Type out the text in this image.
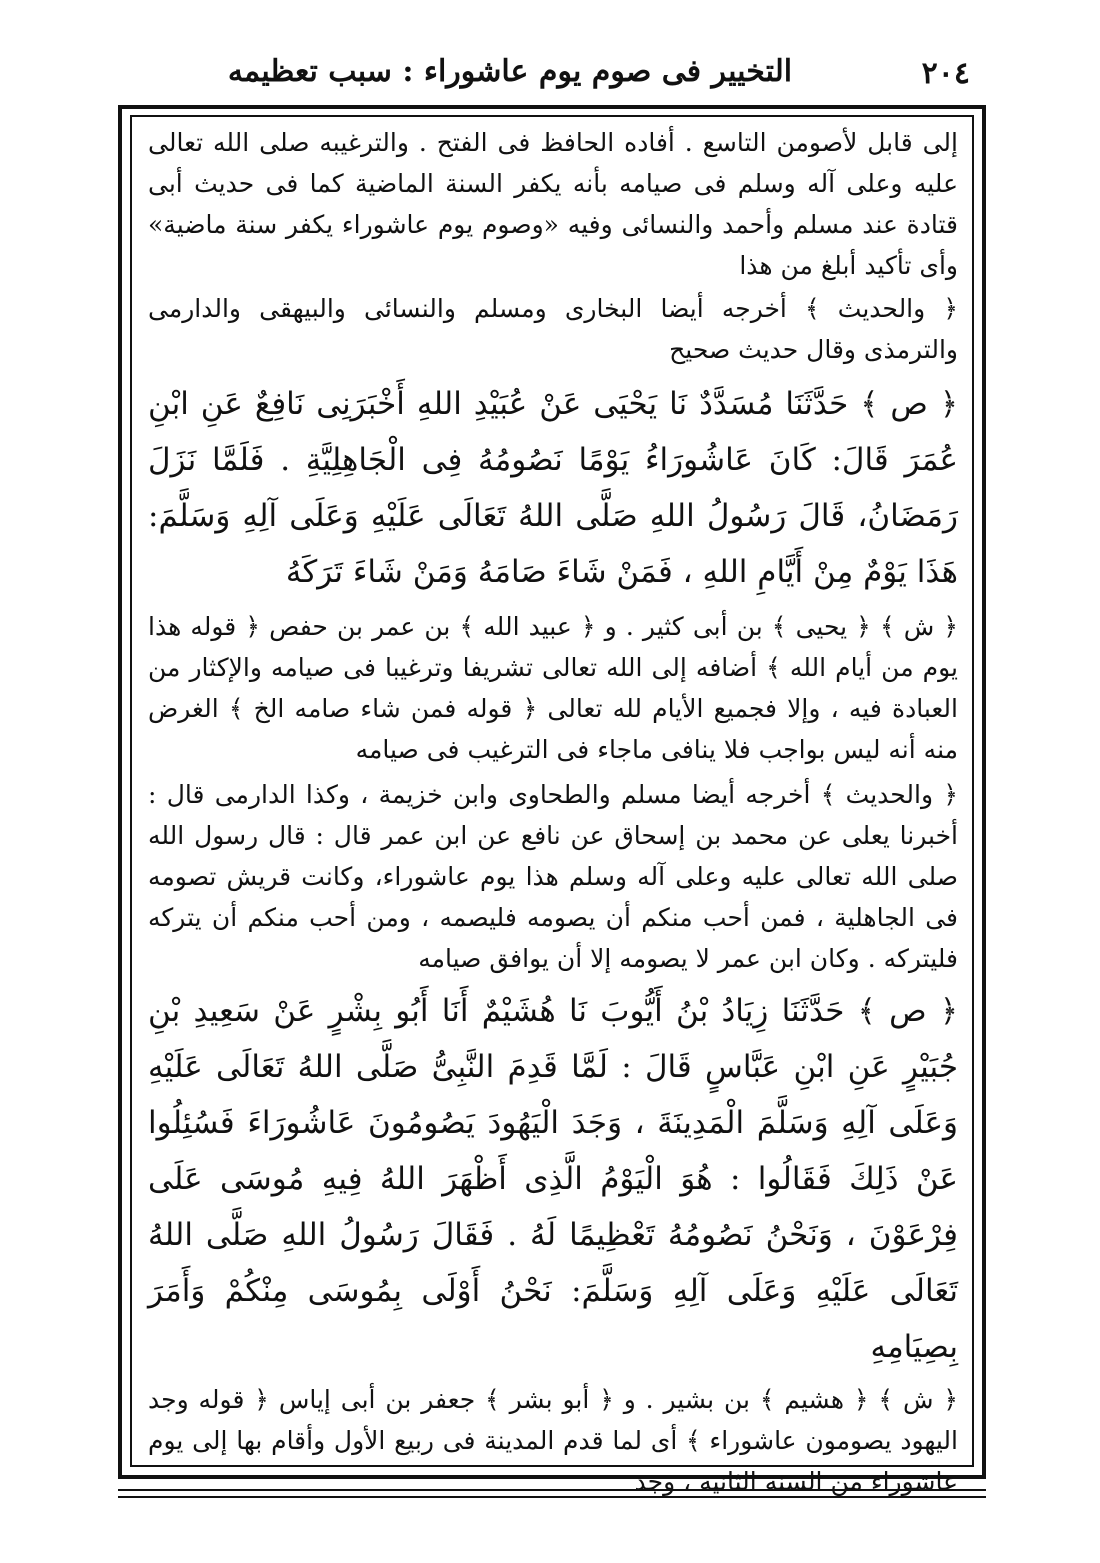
٢٠٤
التخيير فى صوم يوم عاشوراء : سبب تعظيمه

إلى قابل لأصومن التاسع . أفاده الحافظ فى الفتح . والترغيبه صلى الله تعالى عليه وعلى آله وسلم فى صيامه بأنه يكفر السنة الماضية كما فى حديث أبى قتادة عند مسلم وأحمد والنسائى وفيه «وصوم يوم عاشوراء يكفر سنة ماضية» وأى تأكيد أبلغ من هذا

﴿ والحديث ﴾ أخرجه أيضا البخارى ومسلم والنسائى والبيهقى والدارمى والترمذى وقال حديث صحيح

﴿ ص ﴾ حَدَّثَنَا مُسَدَّدٌ نَا يَحْيَى عَنْ عُبَيْدِ اللهِ أَخْبَرَنِى نَافِعٌ عَنِ ابْنِ عُمَرَ قَالَ: كَانَ عَاشُورَاءُ يَوْمًا نَصُومُهُ فِى الْجَاهِلِيَّةِ . فَلَمَّا نَزَلَ رَمَضَانُ، قَالَ رَسُولُ اللهِ صَلَّى اللهُ تَعَالَى عَلَيْهِ وَعَلَى آلِهِ وَسَلَّمَ: هَذَا يَوْمٌ مِنْ أَيَّامِ اللهِ ، فَمَنْ شَاءَ صَامَهُ وَمَنْ شَاءَ تَرَكَهُ

﴿ ش ﴾ ﴿ يحيى ﴾ بن أبى كثير . و ﴿ عبيد الله ﴾ بن عمر بن حفص ﴿ قوله هذا يوم من أيام الله ﴾ أضافه إلى الله تعالى تشريفا وترغيبا فى صيامه والإكثار من العبادة فيه ، وإلا فجميع الأيام لله تعالى ﴿ قوله فمن شاء صامه الخ ﴾ الغرض منه أنه ليس بواجب فلا ينافى ماجاء فى الترغيب فى صيامه

﴿ والحديث ﴾ أخرجه أيضا مسلم والطحاوى وابن خزيمة ، وكذا الدارمى قال : أخبرنا يعلى عن محمد بن إسحاق عن نافع عن ابن عمر قال : قال رسول الله صلى الله تعالى عليه وعلى آله وسلم هذا يوم عاشوراء، وكانت قريش تصومه فى الجاهلية ، فمن أحب منكم أن يصومه فليصمه ، ومن أحب منكم أن يتركه فليتركه . وكان ابن عمر لا يصومه إلا أن يوافق صيامه

﴿ ص ﴾ حَدَّثَنَا زِيَادُ بْنُ أَيُّوبَ نَا هُشَيْمٌ أَنَا أَبُو بِشْرٍ عَنْ سَعِيدِ بْنِ جُبَيْرٍ عَنِ ابْنِ عَبَّاسٍ قَالَ : لَمَّا قَدِمَ النَّبِىُّ صَلَّى اللهُ تَعَالَى عَلَيْهِ وَعَلَى آلِهِ وَسَلَّمَ الْمَدِينَةَ ، وَجَدَ الْيَهُودَ يَصُومُونَ عَاشُورَاءَ فَسُئِلُوا عَنْ ذَلِكَ فَقَالُوا : هُوَ الْيَوْمُ الَّذِى أَظْهَرَ اللهُ فِيهِ مُوسَى عَلَى فِرْعَوْنَ ، وَنَحْنُ نَصُومُهُ تَعْظِيمًا لَهُ . فَقَالَ رَسُولُ اللهِ صَلَّى اللهُ تَعَالَى عَلَيْهِ وَعَلَى آلِهِ وَسَلَّمَ: نَحْنُ أَوْلَى بِمُوسَى مِنْكُمْ وَأَمَرَ بِصِيَامِهِ

﴿ ش ﴾ ﴿ هشيم ﴾ بن بشير . و ﴿ أبو بشر ﴾ جعفر بن أبى إياس ﴿ قوله وجد اليهود يصومون عاشوراء ﴾ أى لما قدم المدينة فى ربيع الأول وأقام بها إلى يوم عاشوراء من السنة الثانية ، وجد
